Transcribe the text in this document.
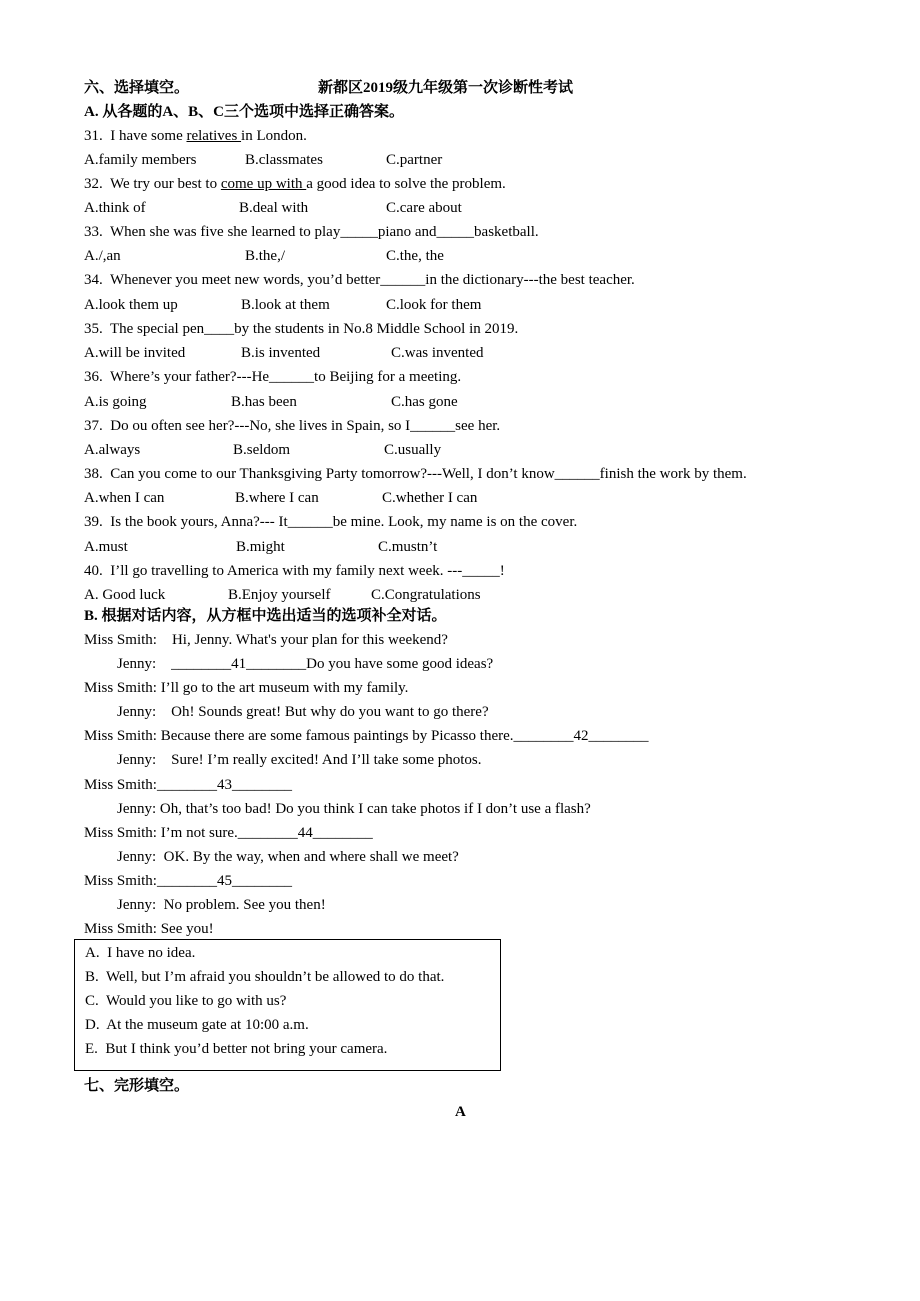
六、选择填空。	新都区2019级九年级第一次诊断性考试
A. 从各题的A、B、C三个选项中选择正确答案。
31. I have some relatives in London.
A.family members	B.classmates	C.partner
32. We try our best to come up with a good idea to solve the problem.
A.think of	B.deal with	C.care about
33. When she was five she learned to play_____piano and_____basketball.
A./,an	B.the,/	C.the, the
34. Whenever you meet new words, you’d better______in the dictionary---the best teacher.
A.look them up	B.look at them	C.look for them
35. The special pen____by the students in No.8 Middle School in 2019.
A.will be invited	B.is invented	C.was invented
36. Where’s your father?---He______to Beijing for a meeting.
A.is going	B.has been	C.has gone
37. Do ou often see her?---No, she lives in Spain, so I______see her.
A.always	B.seldom	C.usually
38. Can you come to our Thanksgiving Party tomorrow?---Well, I don’t know______finish the work by them.
A.when I can	B.where I can	C.whether I can
39. Is the book yours, Anna?--- It______be mine. Look, my name is on the cover.
A.must	B.might	C.mustn’t
40. I’ll go travelling to America with my family next week. ---_____!
A. Good luck	B.Enjoy yourself	C.Congratulations
B. 根据对话内容，从方框中选出适当的选项补全对话。
Miss Smith:    Hi, Jenny. What's your plan for this weekend?
Jenny:    ________41________Do you have some good ideas?
Miss Smith: I’ll go to the art museum with my family.
Jenny:    Oh! Sounds great! But why do you want to go there?
Miss Smith: Because there are some famous paintings by Picasso there.________42________
Jenny:    Sure! I’m really excited! And I’ll take some photos.
Miss Smith:________43________
Jenny: Oh, that’s too bad! Do you think I can take photos if I don’t use a flash?
Miss Smith: I’m not sure.________44________
Jenny:  OK. By the way, when and where shall we meet?
Miss Smith:________45________
Jenny:  No problem. See you then!
Miss Smith: See you!
A.  I have no idea.
B.  Well, but I’m afraid you shouldn’t be allowed to do that.
C.  Would you like to go with us?
D.  At the museum gate at 10:00 a.m.
E.  But I think you’d better not bring your camera.
七、完形填空。
A
